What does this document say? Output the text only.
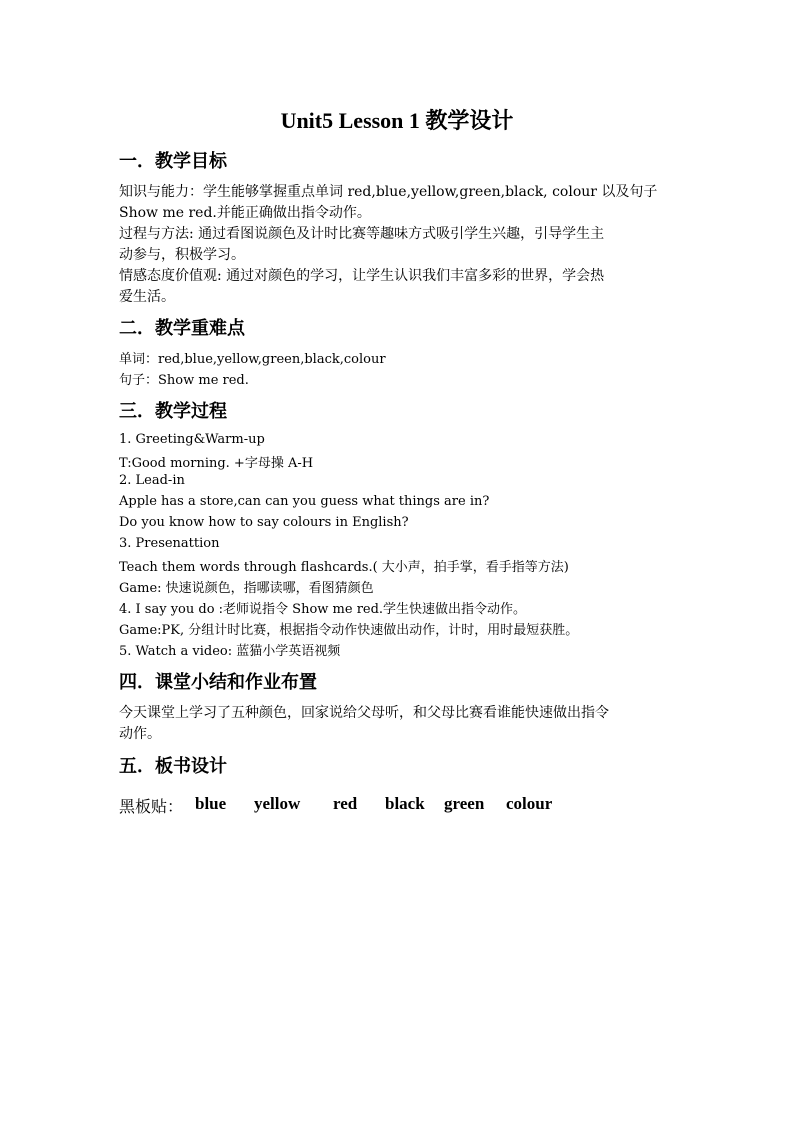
Unit5 Lesson 1 教学设计
一．教学目标
知识与能力：学生能够掌握重点单词 red,blue,yellow,green,black, colour 以及句子
Show me red.并能正确做出指令动作。
过程与方法: 通过看图说颜色及计时比赛等趣味方式吸引学生兴趣，引导学生主
动参与，积极学习。
情感态度价值观: 通过对颜色的学习，让学生认识我们丰富多彩的世界，学会热
爱生活。
二．教学重难点
单词：red,blue,yellow,green,black,colour
句子：Show me red.
三．教学过程
1. Greeting&Warm-up
T:Good morning. +字母操 A-H
2. Lead-in
Apple has a store,can can you guess what things are in?
Do you know how to say colours in English?
3. Presenattion
Teach them words through flashcards.( 大小声，拍手掌，看手指等方法)
Game: 快速说颜色，指哪读哪，看图猜颜色
4. I say you do :老师说指令 Show me red.学生快速做出指令动作。
Game:PK, 分组计时比赛，根据指令动作快速做出动作，计时，用时最短获胜。
5. Watch a video: 蓝猫小学英语视频
四．课堂小结和作业布置
今天课堂上学习了五种颜色，回家说给父母听，和父母比赛看谁能快速做出指令
动作。
五．板书设计
黑板贴： blue yellow red black green colour
